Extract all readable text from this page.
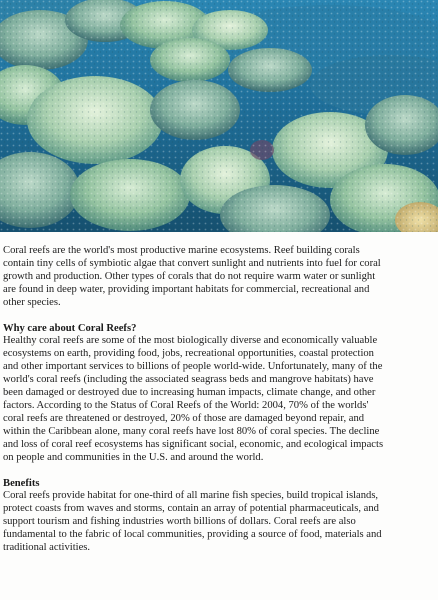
Coral reefs are the world's most productive marine ecosystems. Reef building corals
contain tiny cells of symbiotic algae that convert sunlight and nutrients into fuel for coral
growth and production. Other types of corals that do not require warm water or sunlight
are found in deep water, providing important habitats for commercial, recreational and
other species.

Why care about Coral Reefs?

Healthy coral reefs are some of the most biologically diverse and economically valuable
ecosystems on earth, providing food, jobs, recreational opportunities, coastal protection
and other important services to billions of people world-wide. Unfortunately, many of the
world's coral reefs (including the associated seagrass beds and mangrove habitats) have
been damaged or destroyed due to increasing human impacts, climate change, and other
factors. According to the Status of Coral Reefs of the World: 2004, 70% of the worlds'
coral reefs are threatened or destroyed, 20% of those are damaged beyond repair, and
within the Caribbean alone, many coral reefs have lost 80% of coral species. The decline
and loss of coral reef ecosystems has significant social, economic, and ecological impacts
on people and communities in the U.S. and around the world.

Benefits

Coral reefs provide habitat for one-third of all marine fish species, build tropical islands,
protect coasts from waves and storms, contain an array of potential pharmaceuticals, and
support tourism and fishing industries worth billions of dollars. Coral reefs are also
fundamental to the fabric of local communities, providing a source of food, materials and
traditional activities.
